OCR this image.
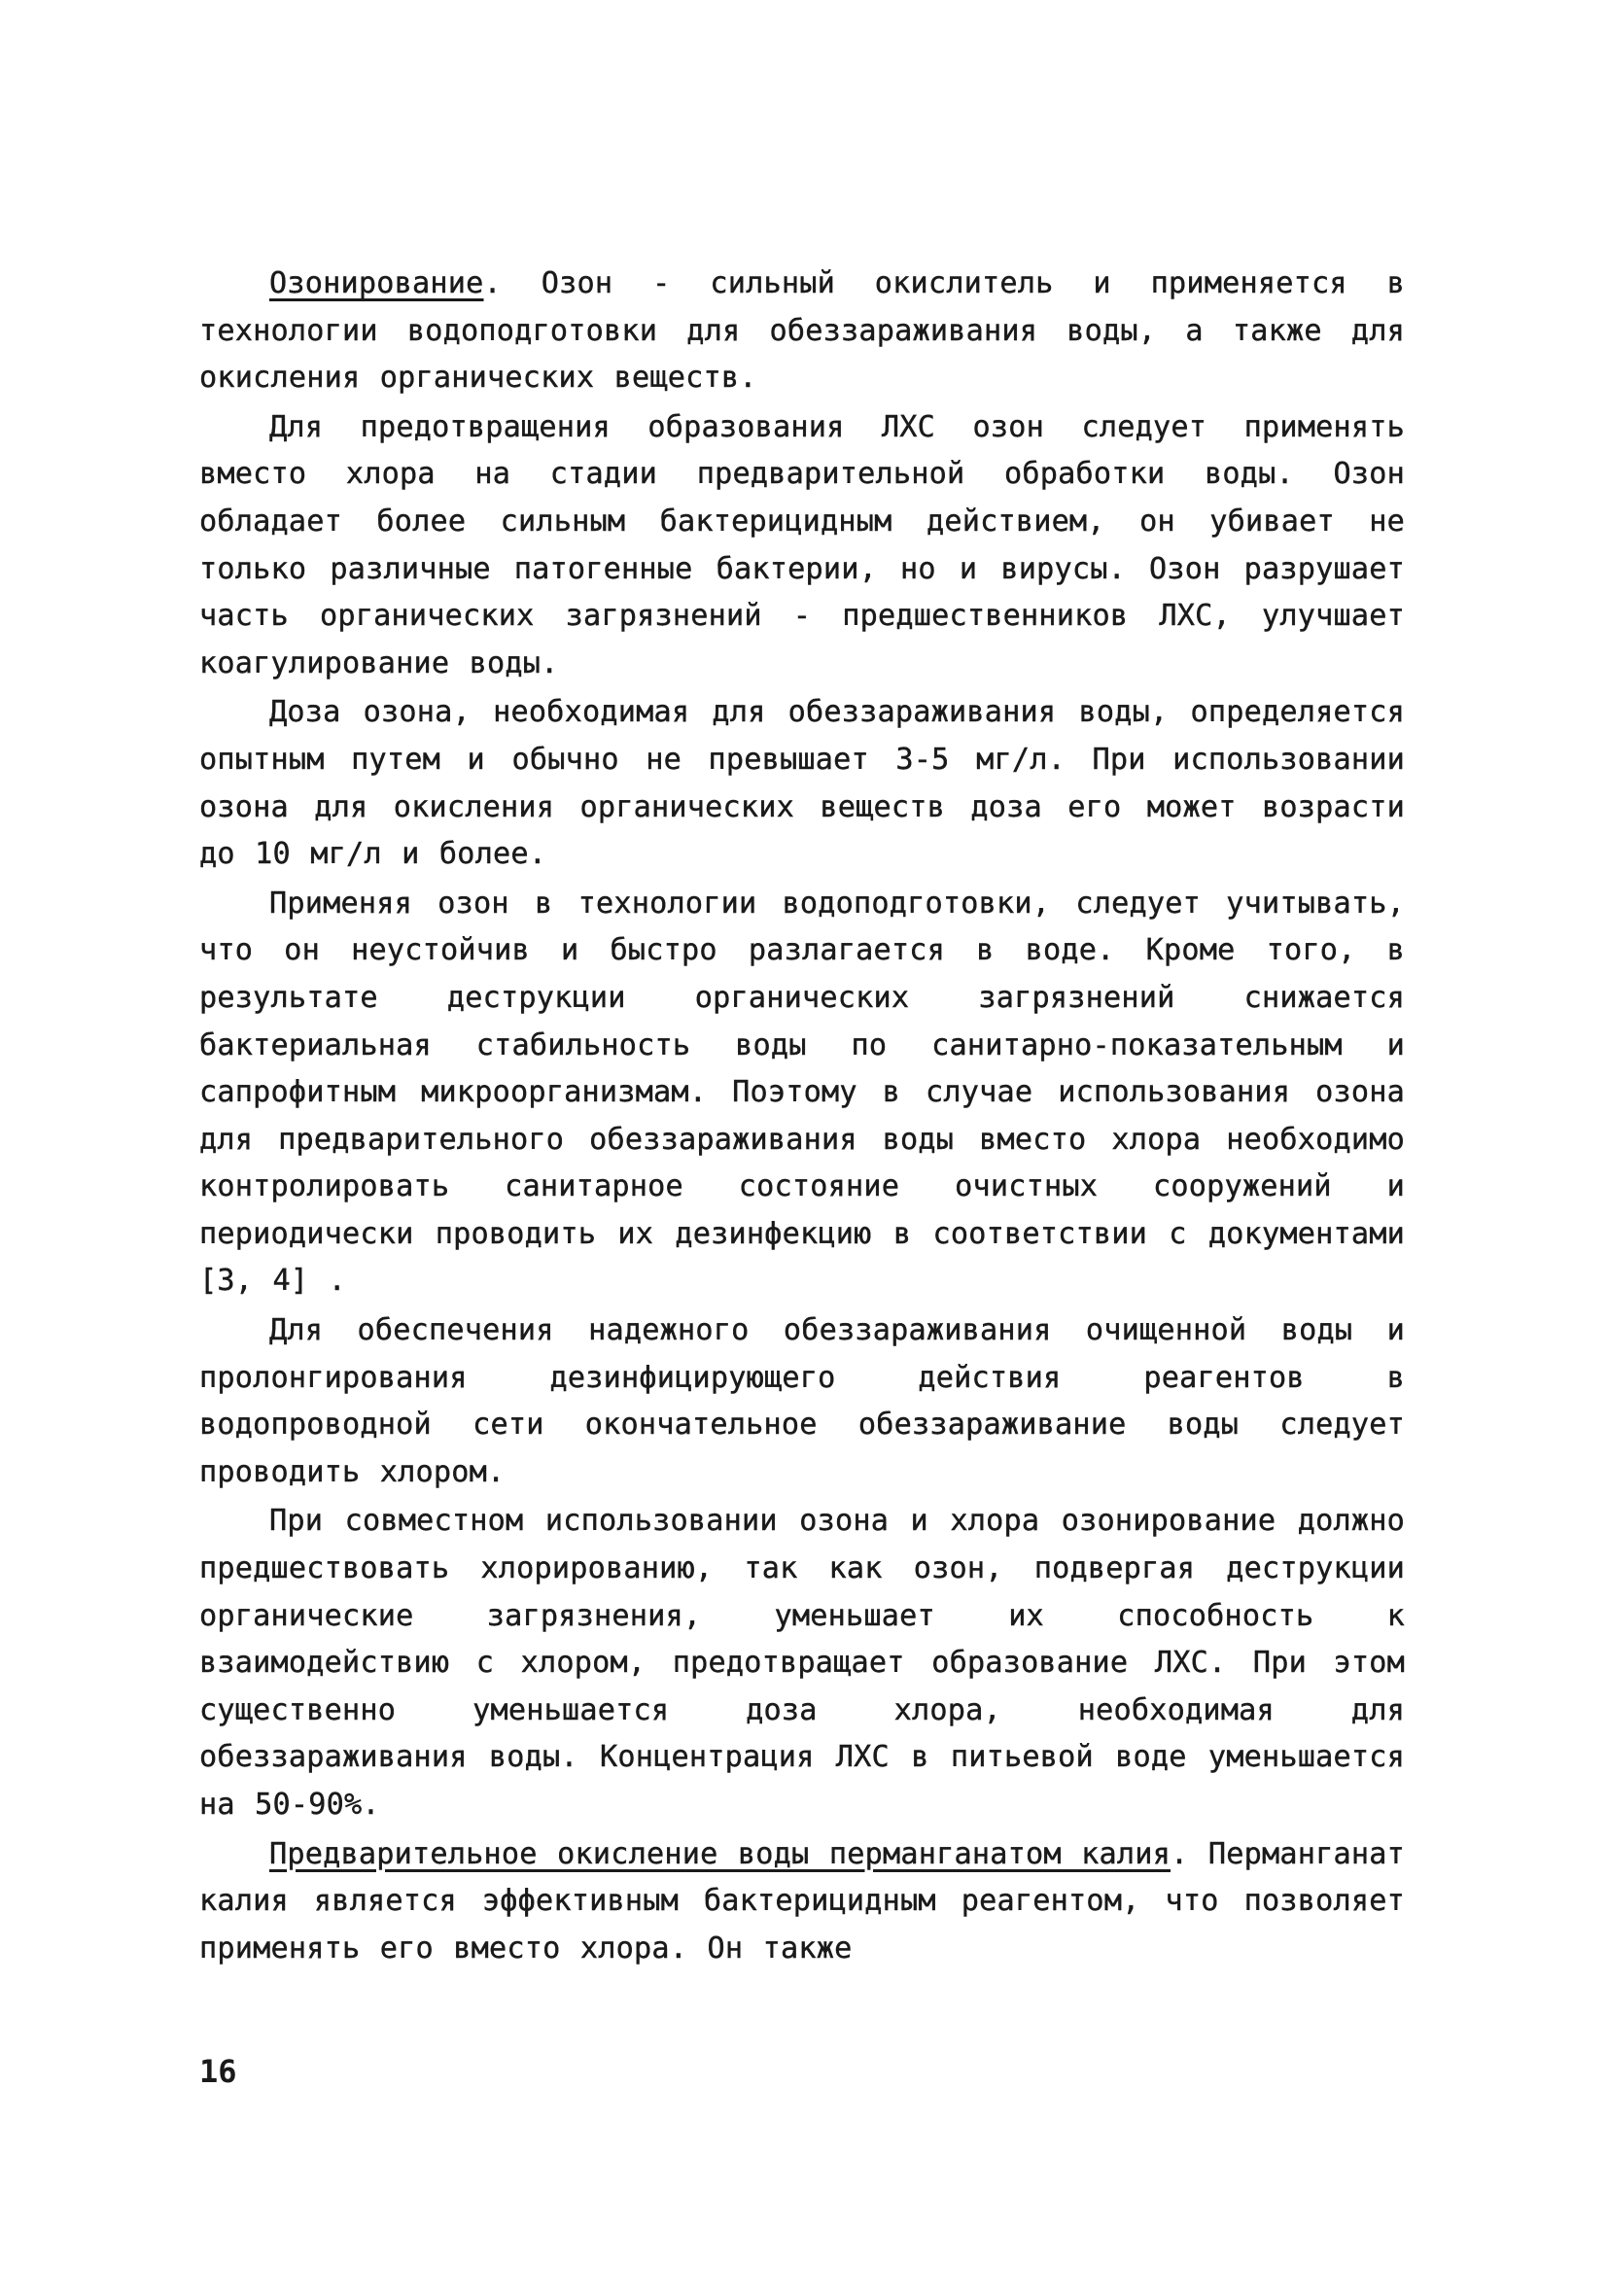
Озонирование. Озон - сильный окислитель и применяется в технологии водоподготовки для обеззараживания воды, а также для окисления органических веществ.

Для предотвращения образования ЛХС озон следует применять вместо хлора на стадии предварительной обработки воды. Озон обладает более сильным бактерицидным действием, он убивает не только различные патогенные бактерии, но и вирусы. Озон разрушает часть органических загрязнений - предшественников ЛХС, улучшает коагулирование воды.

Доза озона, необходимая для обеззараживания воды, определяется опытным путем и обычно не превышает 3-5 мг/л. При использовании озона для окисления органических веществ доза его может возрасти до 10 мг/л и более.

Применяя озон в технологии водоподготовки, следует учитывать, что он неустойчив и быстро разлагается в воде. Кроме того, в результате деструкции органических загрязнений снижается бактериальная стабильность воды по санитарно-показательным и сапрофитным микроорганизмам. Поэтому в случае использования озона для предварительного обеззараживания воды вместо хлора необходимо контролировать санитарное состояние очистных сооружений и периодически проводить их дезинфекцию в соответствии с документами [3, 4] .

Для обеспечения надежного обеззараживания очищенной воды и пролонгирования дезинфицирующего действия реагентов в водопроводной сети окончательное обеззараживание воды следует проводить хлором.

При совместном использовании озона и хлора озонирование должно предшествовать хлорированию, так как озон, подвергая деструкции органические загрязнения, уменьшает их способность к взаимодействию с хлором, предотвращает образование ЛХС. При этом существенно уменьшается доза хлора, необходимая для обеззараживания воды. Концентрация ЛХС в питьевой воде уменьшается на 50-90%.

Предварительное окисление воды перманганатом калия. Перманганат калия является эффективным бактерицидным реагентом, что позволяет применять его вместо хлора. Он также

16
